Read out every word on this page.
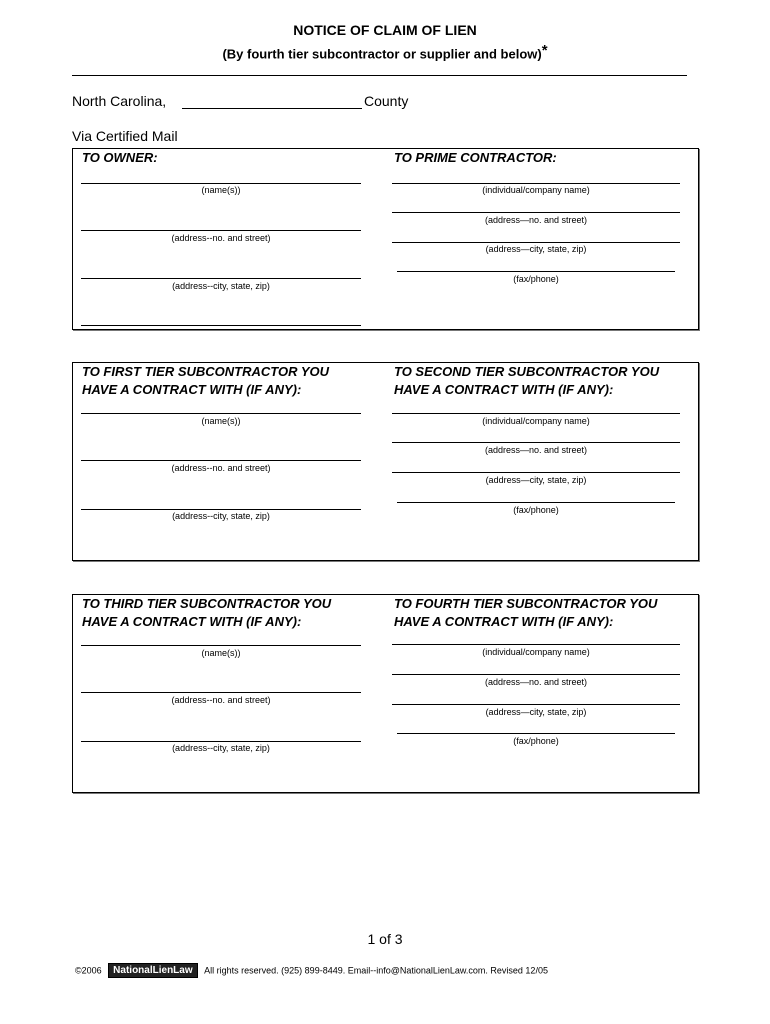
NOTICE OF CLAIM OF LIEN
(By fourth tier subcontractor or supplier and below)*
North Carolina,	County
Via Certified Mail
TO OWNER:
(name(s))
(address--no. and street)
(address--city, state, zip)
TO PRIME CONTRACTOR:
(individual/company name)
(address—no. and street)
(address—city, state, zip)
(fax/phone)
TO FIRST TIER SUBCONTRACTOR YOU
HAVE A CONTRACT WITH (IF ANY):
(name(s))
(address--no. and street)
(address--city, state, zip)
TO SECOND TIER SUBCONTRACTOR YOU
HAVE A CONTRACT WITH (IF ANY):
(individual/company name)
(address—no. and street)
(address—city, state, zip)
(fax/phone)
TO THIRD TIER SUBCONTRACTOR YOU
HAVE A CONTRACT WITH (IF ANY):
(name(s))
(address--no. and street)
(address--city, state, zip)
TO FOURTH TIER SUBCONTRACTOR YOU
HAVE A CONTRACT WITH (IF ANY):
(individual/company name)
(address—no. and street)
(address—city, state, zip)
(fax/phone)
1 of 3
©2006 NationalLienLaw All rights reserved. (925) 899-8449. Email--info@NationalLienLaw.com. Revised 12/05
